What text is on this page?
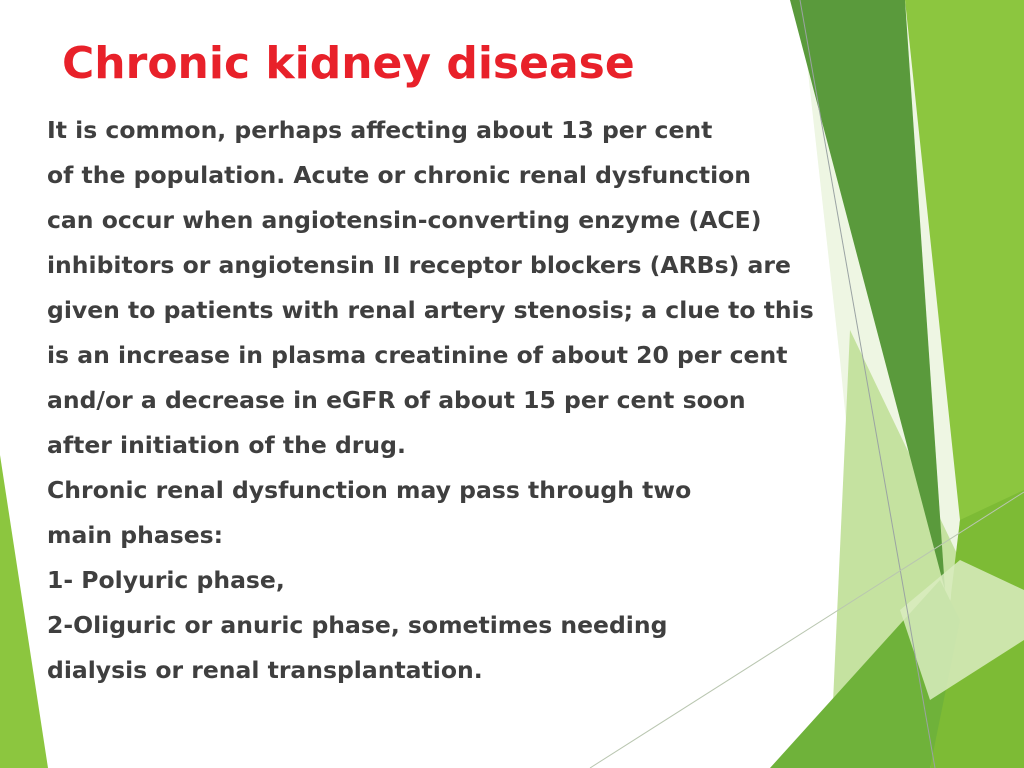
Chronic kidney disease
It is common, perhaps affecting about 13 per cent
of the population. Acute or chronic renal dysfunction
can occur when angiotensin-converting enzyme (ACE)
inhibitors or angiotensin II receptor blockers (ARBs) are
given to patients with renal artery stenosis; a clue to this
is an increase in plasma creatinine of about 20 per cent
and/or a decrease in eGFR of about 15 per cent soon
after initiation of the drug.
Chronic renal dysfunction may pass through two
main phases:
1- Polyuric phase,
2-Oliguric or anuric phase, sometimes needing
dialysis or renal transplantation.
